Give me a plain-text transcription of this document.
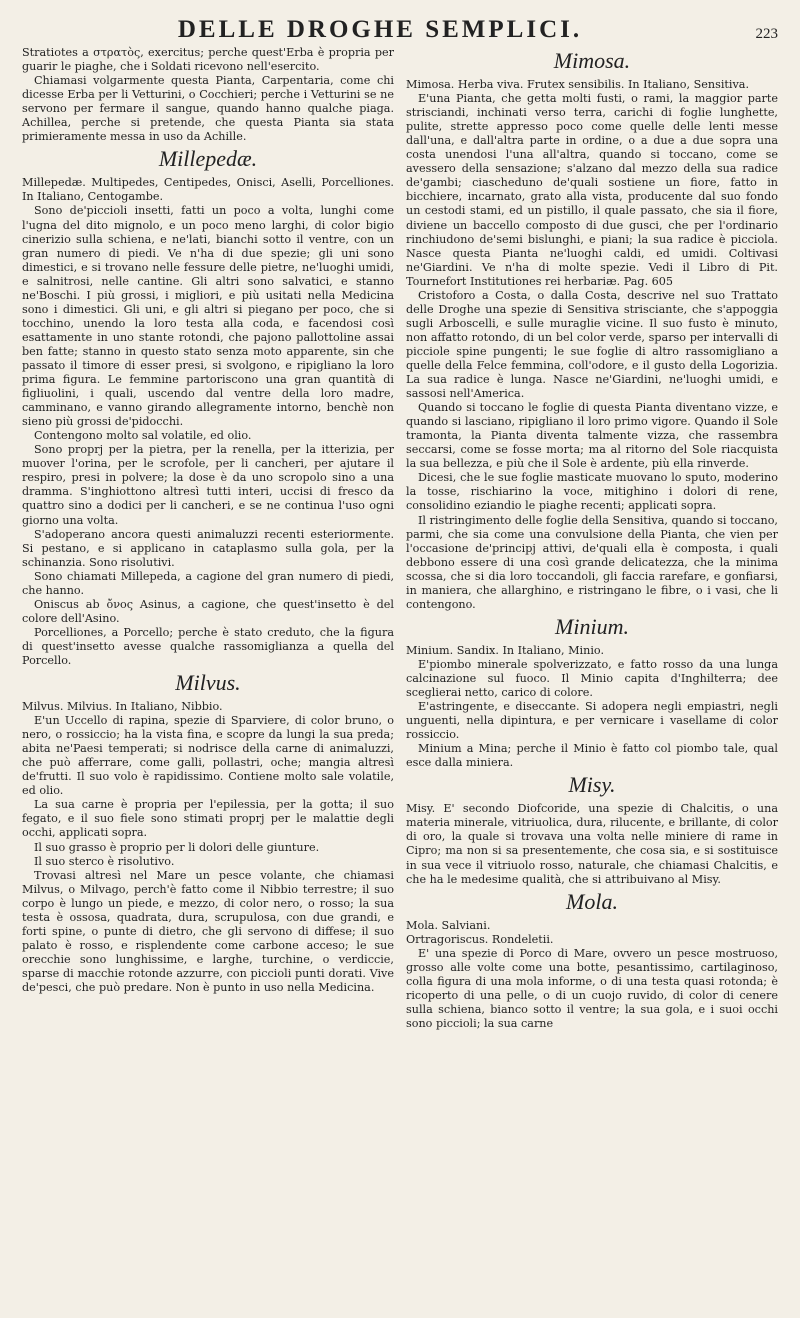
DELLE DROGHE SEMPLICI.	223

Stratiotes a στρατὸς, exercitus; perche quest'Erba è propria per guarir le piaghe, che i Soldati ricevono nell'esercito.

Chiamasi volgarmente questa Pianta, Carpentaria, come chi dicesse Erba per li Vetturini, o Cocchieri; perche i Vetturini se ne servono per fermare il sangue, quando hanno qualche piaga. Achillea, perche si pretende, che questa Pianta sia stata primieramente messa in uso da Achille.

Millepedæ.

Millepedæ. Multipedes, Centipedes, Onisci, Aselli, Porcelliones. In Italiano, Centogambe.

Sono de'piccioli insetti, fatti un poco a volta, lunghi come l'ugna del dito mignolo, e un poco meno larghi, di color bigio cinerizio sulla schiena, e ne'lati, bianchi sotto il ventre, con un gran numero di piedi. Ve n'ha di due spezie; gli uni sono dimestici, e si trovano nelle fessure delle pietre, ne'luoghi umidi, e salnitrosi, nelle cantine. Gli altri sono salvatici, e stanno ne'Boschi. I più grossi, i migliori, e più usitati nella Medicina sono i dimestici. Gli uni, e gli altri si piegano per poco, che si tocchino, unendo la loro testa alla coda, e facendosi così esattamente in uno stante rotondi, che pajono pallottoline assai ben fatte; stanno in questo stato senza moto apparente, sin che passato il timore di esser presi, si svolgono, e ripigliano la loro prima figura. Le femmine partoriscono una gran quantità di figliuolini, i quali, uscendo dal ventre della loro madre, camminano, e vanno girando allegramente intorno, benchè non sieno più grossi de'pidocchi.

Contengono molto sal volatile, ed olio.

Sono proprj per la pietra, per la renella, per la itterizia, per muover l'orina, per le scrofole, per li cancheri, per ajutare il respiro, presi in polvere; la dose è da uno scropolo sino a una dramma. S'inghiottono altresì tutti interi, uccisi di fresco da quattro sino a dodici per li cancheri, e se ne continua l'uso ogni giorno una volta.

S'adoperano ancora questi animaluzzi recenti esteriormente. Si pestano, e si applicano in cataplasmo sulla gola, per la schinanzia. Sono risolutivi.

Sono chiamati Millepeda, a cagione del gran numero di piedi, che hanno.

Oniscus ab ὄνος Asinus, a cagione, che quest'insetto è del colore dell'Asino.

Porcelliones, a Porcello; perche è stato creduto, che la figura di quest'insetto avesse qualche rassomiglianza a quella del Porcello.

Milvus.

Milvus. Milvius. In Italiano, Nibbio.

E'un Uccello di rapina, spezie di Sparviere, di color bruno, o nero, o rossiccio; ha la vista fina, e scopre da lungi la sua preda; abita ne'Paesi temperati; si nodrisce della carne di animaluzzi, che può afferrare, come galli, pollastri, oche; mangia altresì de'frutti. Il suo volo è rapidissimo. Contiene molto sale volatile, ed olio.

La sua carne è propria per l'epilessia, per la gotta; il suo fegato, e il suo fiele sono stimati proprj per le malattie degli occhi, applicati sopra.

Il suo grasso è proprio per li dolori delle giunture.

Il suo sterco è risolutivo.

Trovasi altresì nel Mare un pesce volante, che chiamasi Milvus, o Milvago, perch'è fatto come il Nibbio terrestre; il suo corpo è lungo un piede, e mezzo, di color nero, o rosso; la sua testa è ossosa, quadrata, dura, scrupulosa, con due grandi, e forti spine, o punte di dietro, che gli servono di diffese; il suo palato è rosso, e risplendente come carbone acceso; le sue orecchie sono lunghissime, e larghe, turchine, o verdiccie, sparse di macchie rotonde azzurre, con piccioli punti dorati. Vive de'pesci, che può predare. Non è punto in uso nella Medicina.

Mimosa.

Mimosa. Herba viva. Frutex sensibilis. In Italiano, Sensitiva.

E'una Pianta, che getta molti fusti, o rami, la maggior parte strisciandi, inchinati verso terra, carichi di foglie lunghette, pulite, strette appresso poco come quelle delle lenti messe dall'una, e dall'altra parte in ordine, o a due a due sopra una costa unendosi l'una all'altra, quando si toccano, come se avessero della sensazione; s'alzano dal mezzo della sua radice de'gambi; ciascheduno de'quali sostiene un fiore, fatto in bicchiere, incarnato, grato alla vista, producente dal suo fondo un cestodi stami, ed un pistillo, il quale passato, che sia il fiore, diviene un baccello composto di due gusci, che per l'ordinario rinchiudono de'semi bislunghi, e piani; la sua radice è picciola. Nasce questa Pianta ne'luoghi caldi, ed umidi. Coltivasi ne'Giardini. Ve n'ha di molte spezie. Vedi il Libro di Pit. Tournefort Institutiones rei herbariæ. Pag. 605

Cristoforo a Costa, o dalla Costa, descrive nel suo Trattato delle Droghe una spezie di Sensitiva strisciante, che s'appoggia sugli Arboscelli, e sulle muraglie vicine. Il suo fusto è minuto, non affatto rotondo, di un bel color verde, sparso per intervalli di picciole spine pungenti; le sue foglie di altro rassomigliano a quelle della Felce femmina, coll'odore, e il gusto della Logorizia. La sua radice è lunga. Nasce ne'Giardini, ne'luoghi umidi, e sassosi nell'America.

Quando si toccano le foglie di questa Pianta diventano vizze, e quando si lasciano, ripigliano il loro primo vigore. Quando il Sole tramonta, la Pianta diventa talmente vizza, che rassembra seccarsi, come se fosse morta; ma al ritorno del Sole riacquista la sua bellezza, e più che il Sole è ardente, più ella rinverde.

Dicesi, che le sue foglie masticate muovano lo sputo, moderino la tosse, rischiarino la voce, mitighino i dolori di rene, consolidino eziandio le piaghe recenti; applicati sopra.

Il ristringimento delle foglie della Sensitiva, quando si toccano, parmi, che sia come una convulsione della Pianta, che vien per l'occasione de'principj attivi, de'quali ella è composta, i quali debbono essere di una così grande delicatezza, che la minima scossa, che si dia loro toccandoli, gli faccia rarefare, e gonfiarsi, in maniera, che allarghino, e ristringano le fibre, o i vasi, che li contengono.

Minium.

Minium. Sandix. In Italiano, Minio.

E'piombo minerale spolverizzato, e fatto rosso da una lunga calcinazione sul fuoco. Il Minio capita d'Inghilterra; dee sceglierai netto, carico di colore.

E'astringente, e diseccante. Si adopera negli empiastri, negli unguenti, nella dipintura, e per vernicare i vasellame di color rossiccio.

Minium a Mina; perche il Minio è fatto col piombo tale, qual esce dalla miniera.

Misy.

Misy. E' secondo Diofcoride, una spezie di Chalcitis, o una materia minerale, vitriuolica, dura, rilucente, e brillante, di color di oro, la quale si trovava una volta nelle miniere di rame in Cipro; ma non si sa presentemente, che cosa sia, e si sostituisce in sua vece il vitriuolo rosso, naturale, che chiamasi Chalcitis, e che ha le medesime qualità, che si attribuivano al Misy.

Mola.

Mola. Salviani.

Ortragoriscus. Rondeletii.

E' una spezie di Porco di Mare, ovvero un pesce mostruoso, grosso alle volte come una botte, pesantissimo, cartilaginoso, colla figura di una mola informe, o di una testa quasi rotonda; è ricoperto di una pelle, o di un cuojo ruvido, di color di cenere sulla schiena, bianco sotto il ventre; la sua gola, e i suoi occhi sono piccioli; la sua carne
